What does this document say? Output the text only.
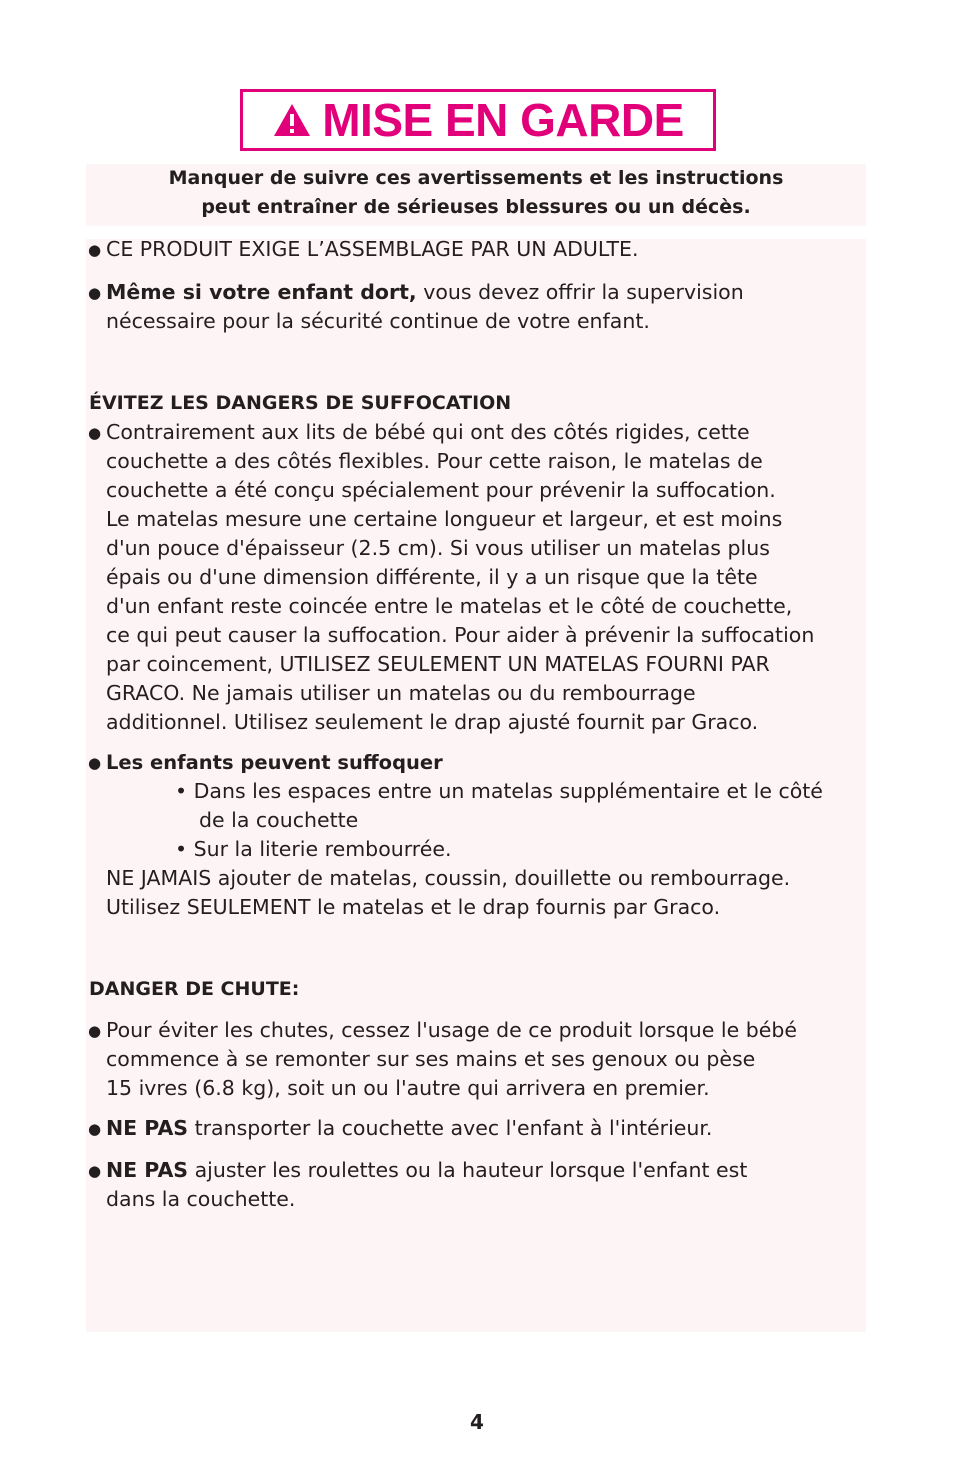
MISE EN GARDE
Manquer de suivre ces avertissements et les instructions
peut entraîner de sérieuses blessures ou un décès.
● CE PRODUIT EXIGE L’ASSEMBLAGE PAR UN ADULTE.
● Même si votre enfant dort, vous devez offrir la supervision
nécessaire pour la sécurité continue de votre enfant.
ÉVITEZ LES DANGERS DE SUFFOCATION
● Contrairement aux lits de bébé qui ont des côtés rigides, cette
couchette a des côtés flexibles. Pour cette raison, le matelas de
couchette a été conçu spécialement pour prévenir la suffocation.
Le matelas mesure une certaine longueur et largeur, et est moins
d'un pouce d'épaisseur (2.5 cm). Si vous utiliser un matelas plus
épais ou d'une dimension différente, il y a un risque que la tête
d'un enfant reste coincée entre le matelas et le côté de couchette,
ce qui peut causer la suffocation. Pour aider à prévenir la suffocation
par coincement, UTILISEZ SEULEMENT UN MATELAS FOURNI PAR
GRACO. Ne jamais utiliser un matelas ou du rembourrage
additionnel. Utilisez seulement le drap ajusté fournit par Graco.
● Les enfants peuvent suffoquer
• Dans les espaces entre un matelas supplémentaire et le côté
de la couchette
• Sur la literie rembourrée.
NE JAMAIS ajouter de matelas, coussin, douillette ou rembourrage.
Utilisez SEULEMENT le matelas et le drap fournis par Graco.
DANGER DE CHUTE:
● Pour éviter les chutes, cessez l'usage de ce produit lorsque le bébé
commence à se remonter sur ses mains et ses genoux ou pèse
15 ivres (6.8 kg), soit un ou l'autre qui arrivera en premier.
● NE PAS transporter la couchette avec l'enfant à l'intérieur.
● NE PAS ajuster les roulettes ou la hauteur lorsque l'enfant est
dans la couchette.
4
